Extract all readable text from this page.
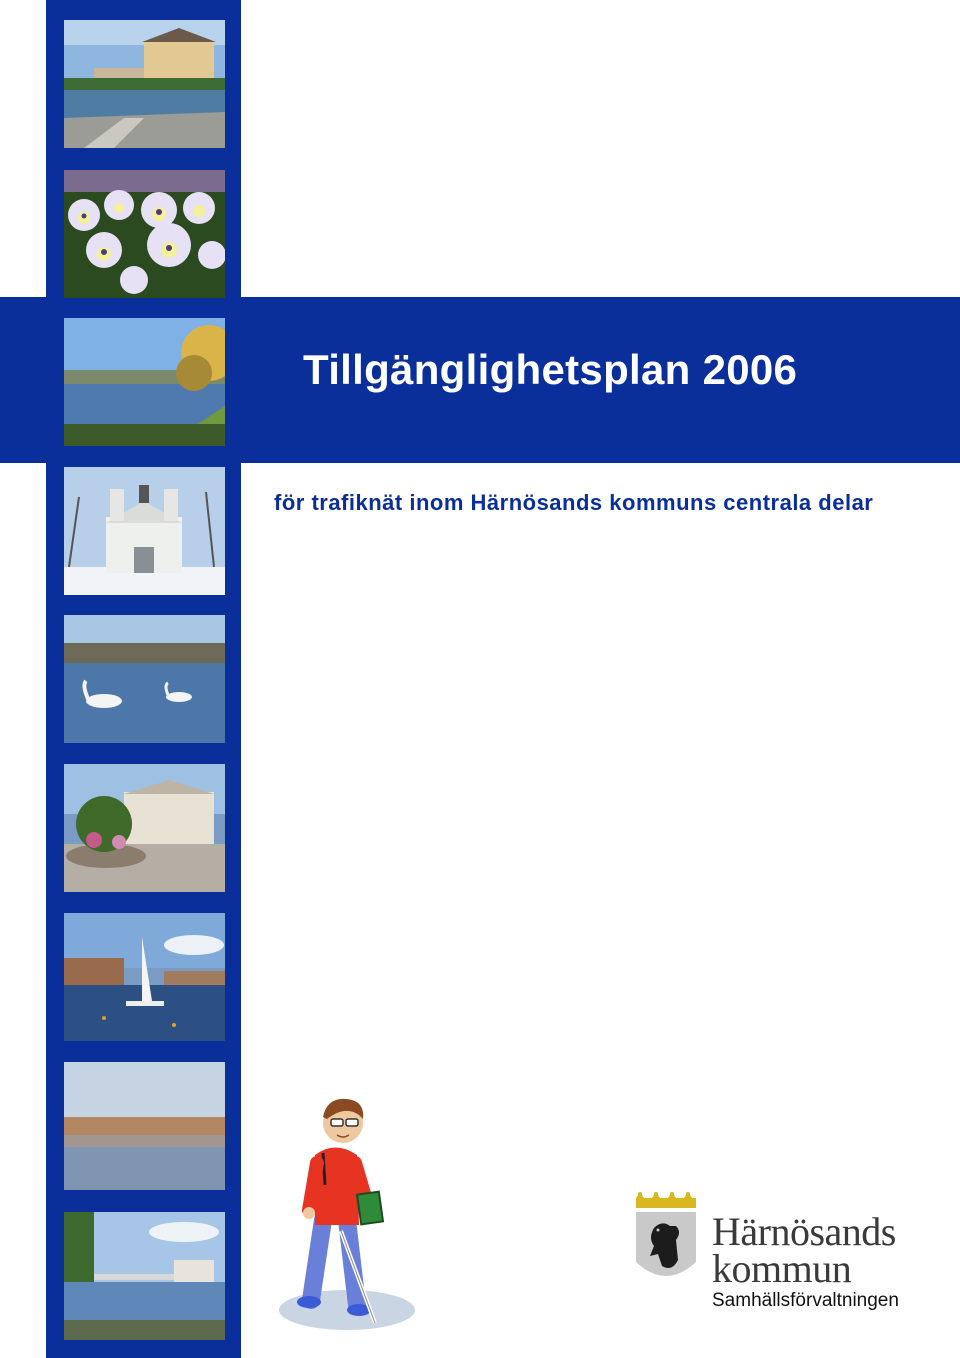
Tillgänglighetsplan 2006
för trafiknät inom Härnösands kommuns centrala delar
Härnösands
kommun
Samhällsförvaltningen
